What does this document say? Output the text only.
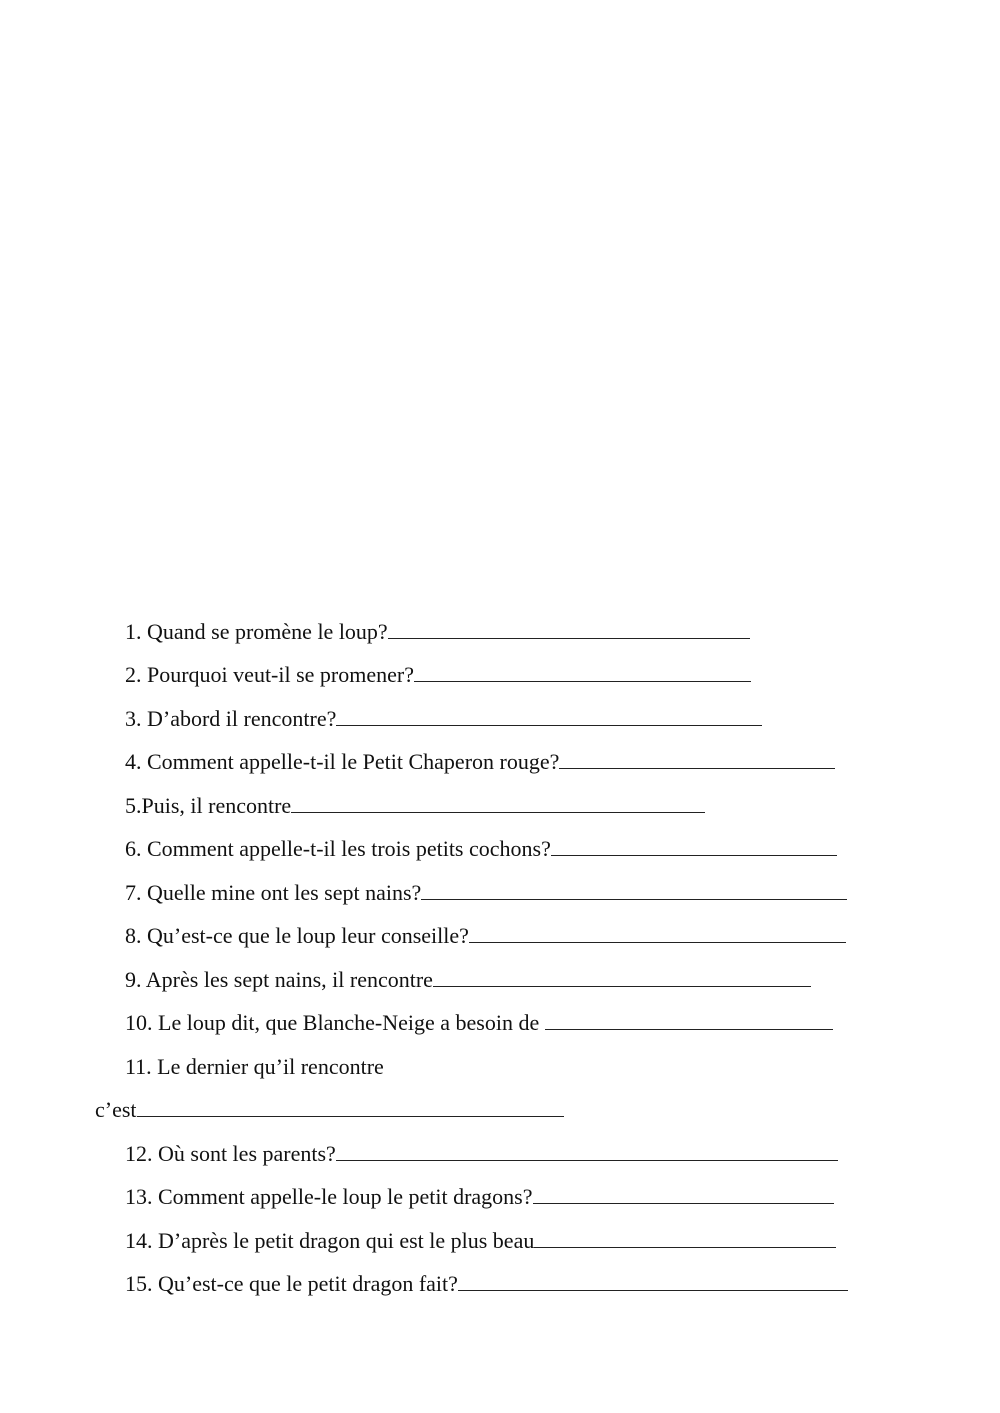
1. Quand se promène le loup?
2. Pourquoi veut-il se promener?
3. D’abord il rencontre?
4. Comment appelle-t-il le Petit Chaperon rouge?
5.Puis, il rencontre
6. Comment appelle-t-il les trois petits cochons?
7. Quelle mine ont les sept nains?
8. Qu’est-ce que le loup leur conseille?
9. Après les sept nains, il rencontre
10. Le loup dit, que Blanche-Neige a besoin de
11. Le dernier qu’il rencontre
c’est
12. Où sont les parents?
13. Comment appelle-le loup le petit dragons?
14. D’après le petit dragon qui est le plus beau
15. Qu’est-ce que le petit dragon fait?
